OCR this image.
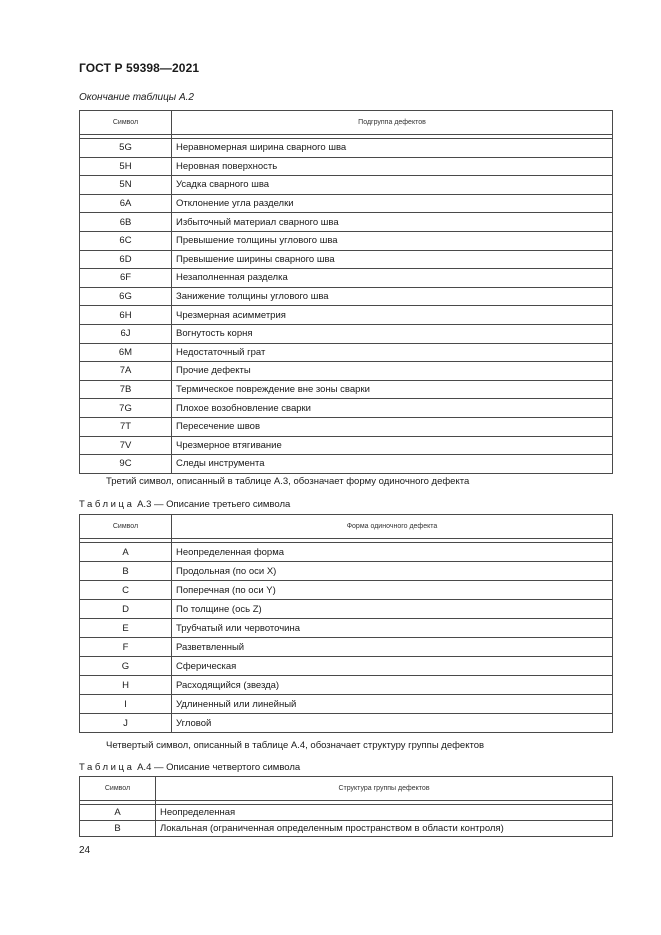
ГОСТ Р 59398—2021
Окончание таблицы А.2
Символ	Подгруппа дефектов

5G	Неравномерная ширина сварного шва
5H	Неровная поверхность
5N	Усадка сварного шва
6A	Отклонение угла разделки
6B	Избыточный материал сварного шва
6C	Превышение толщины углового шва
6D	Превышение ширины сварного шва
6F	Незаполненная разделка
6G	Занижение толщины углового шва
6H	Чрезмерная асимметрия
6J	Вогнутость корня
6M	Недостаточный грат
7A	Прочие дефекты
7B	Термическое повреждение вне зоны сварки
7G	Плохое возобновление сварки
7T	Пересечение швов
7V	Чрезмерное втягивание
9C	Следы инструмента
Третий символ, описанный в таблице А.3, обозначает форму одиночного дефекта
Таблица А.3 — Описание третьего символа
Символ	Форма одиночного дефекта

A	Неопределенная форма
B	Продольная (по оси X)
C	Поперечная (по оси Y)
D	По толщине (ось Z)
E	Трубчатый или червоточина
F	Разветвленный
G	Сферическая
H	Расходящийся (звезда)
I	Удлиненный или линейный
J	Угловой
Четвертый символ, описанный в таблице А.4, обозначает структуру группы дефектов
Таблица А.4 — Описание четвертого символа
Символ	Структура группы дефектов

A	Неопределенная
B	Локальная (ограниченная определенным пространством в области контроля)
24
